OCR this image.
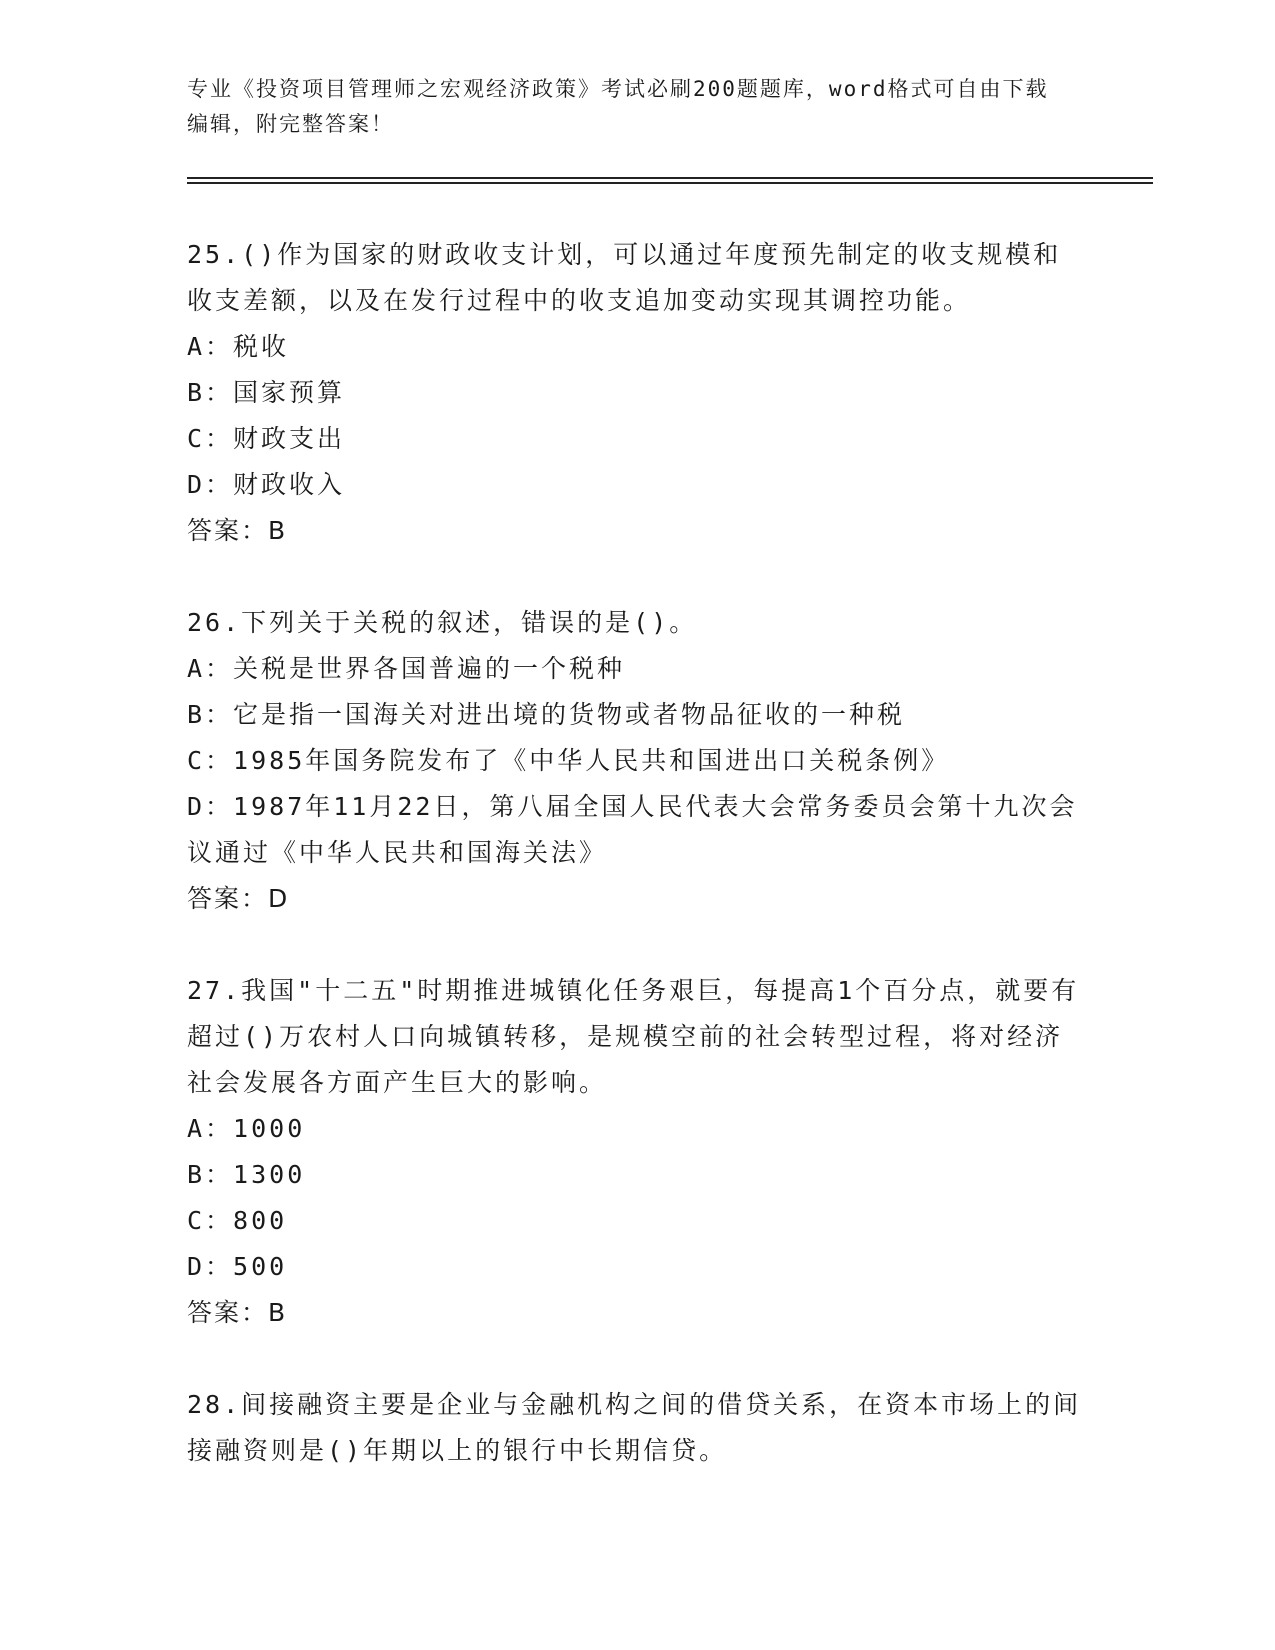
专业《投资项目管理师之宏观经济政策》考试必刷200题题库，word格式可自由下载编辑，附完整答案！
25.()作为国家的财政收支计划，可以通过年度预先制定的收支规模和收支差额，以及在发行过程中的收支追加变动实现其调控功能。
A：税收
B：国家预算
C：财政支出
D：财政收入
答案：B
26.下列关于关税的叙述，错误的是()。
A：关税是世界各国普遍的一个税种
B：它是指一国海关对进出境的货物或者物品征收的一种税
C：1985年国务院发布了《中华人民共和国进出口关税条例》
D：1987年11月22日，第八届全国人民代表大会常务委员会第十九次会议通过《中华人民共和国海关法》
答案：D
27.我国"十二五"时期推进城镇化任务艰巨，每提高1个百分点，就要有超过()万农村人口向城镇转移，是规模空前的社会转型过程，将对经济社会发展各方面产生巨大的影响。
A：1000
B：1300
C：800
D：500
答案：B
28.间接融资主要是企业与金融机构之间的借贷关系，在资本市场上的间接融资则是()年期以上的银行中长期信贷。
